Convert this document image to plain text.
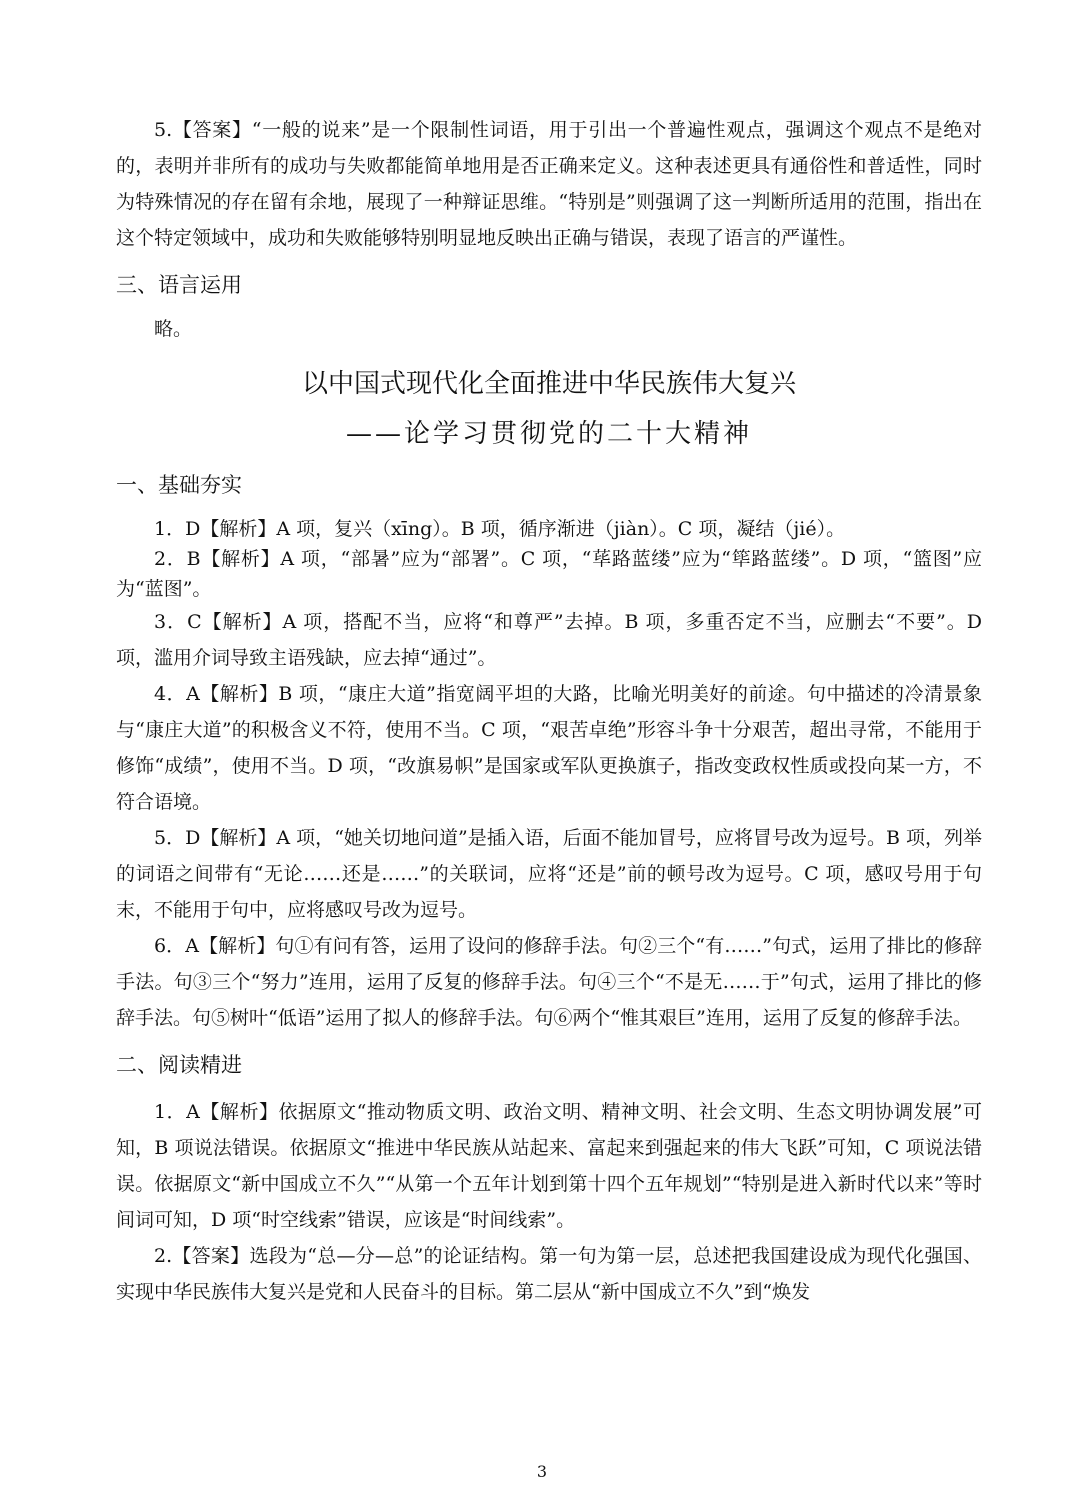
5.【答案】“一般的说来”是一个限制性词语，用于引出一个普遍性观点，强调这个观点不是绝对的，表明并非所有的成功与失败都能简单地用是否正确来定义。这种表述更具有通俗性和普适性，同时为特殊情况的存在留有余地，展现了一种辩证思维。“特别是”则强调了这一判断所适用的范围，指出在这个特定领域中，成功和失败能够特别明显地反映出正确与错误，表现了语言的严谨性。

三、语言运用

略。

以中国式现代化全面推进中华民族伟大复兴
——论学习贯彻党的二十大精神
一、基础夯实

1．D【解析】A 项，复兴（xīng）。B 项，循序渐进（jiàn）。C 项，凝结（jié）。

2．B【解析】A 项，“部暑”应为“部署”。C 项，“荜路蓝缕”应为“筚路蓝缕”。D 项，“篮图”应为“蓝图”。

3．C【解析】A 项，搭配不当，应将“和尊严”去掉。B 项，多重否定不当，应删去“不要”。D 项，滥用介词导致主语残缺，应去掉“通过”。

4．A【解析】B 项，“康庄大道”指宽阔平坦的大路，比喻光明美好的前途。句中描述的冷清景象与“康庄大道”的积极含义不符，使用不当。C 项，“艰苦卓绝”形容斗争十分艰苦，超出寻常，不能用于修饰“成绩”，使用不当。D 项，“改旗易帜”是国家或军队更换旗子，指改变政权性质或投向某一方，不符合语境。

5．D【解析】A 项，“她关切地问道”是插入语，后面不能加冒号，应将冒号改为逗号。B 项，列举的词语之间带有“无论……还是……”的关联词，应将“还是”前的顿号改为逗号。C 项，感叹号用于句末，不能用于句中，应将感叹号改为逗号。

6．A【解析】句①有问有答，运用了设问的修辞手法。句②三个“有……”句式，运用了排比的修辞手法。句③三个“努力”连用，运用了反复的修辞手法。句④三个“不是无……于”句式，运用了排比的修辞手法。句⑤树叶“低语”运用了拟人的修辞手法。句⑥两个“惟其艰巨”连用，运用了反复的修辞手法。

二、阅读精进

1．A【解析】依据原文“推动物质文明、政治文明、精神文明、社会文明、生态文明协调发展”可知，B 项说法错误。依据原文“推进中华民族从站起来、富起来到强起来的伟大飞跃”可知，C 项说法错误。依据原文“新中国成立不久”“从第一个五年计划到第十四个五年规划”“特别是进入新时代以来”等时间词可知，D 项“时空线索”错误，应该是“时间线索”。

2.【答案】选段为“总—分—总”的论证结构。第一句为第一层，总述把我国建设成为现代化强国、实现中华民族伟大复兴是党和人民奋斗的目标。第二层从“新中国成立不久”到“焕发

3
